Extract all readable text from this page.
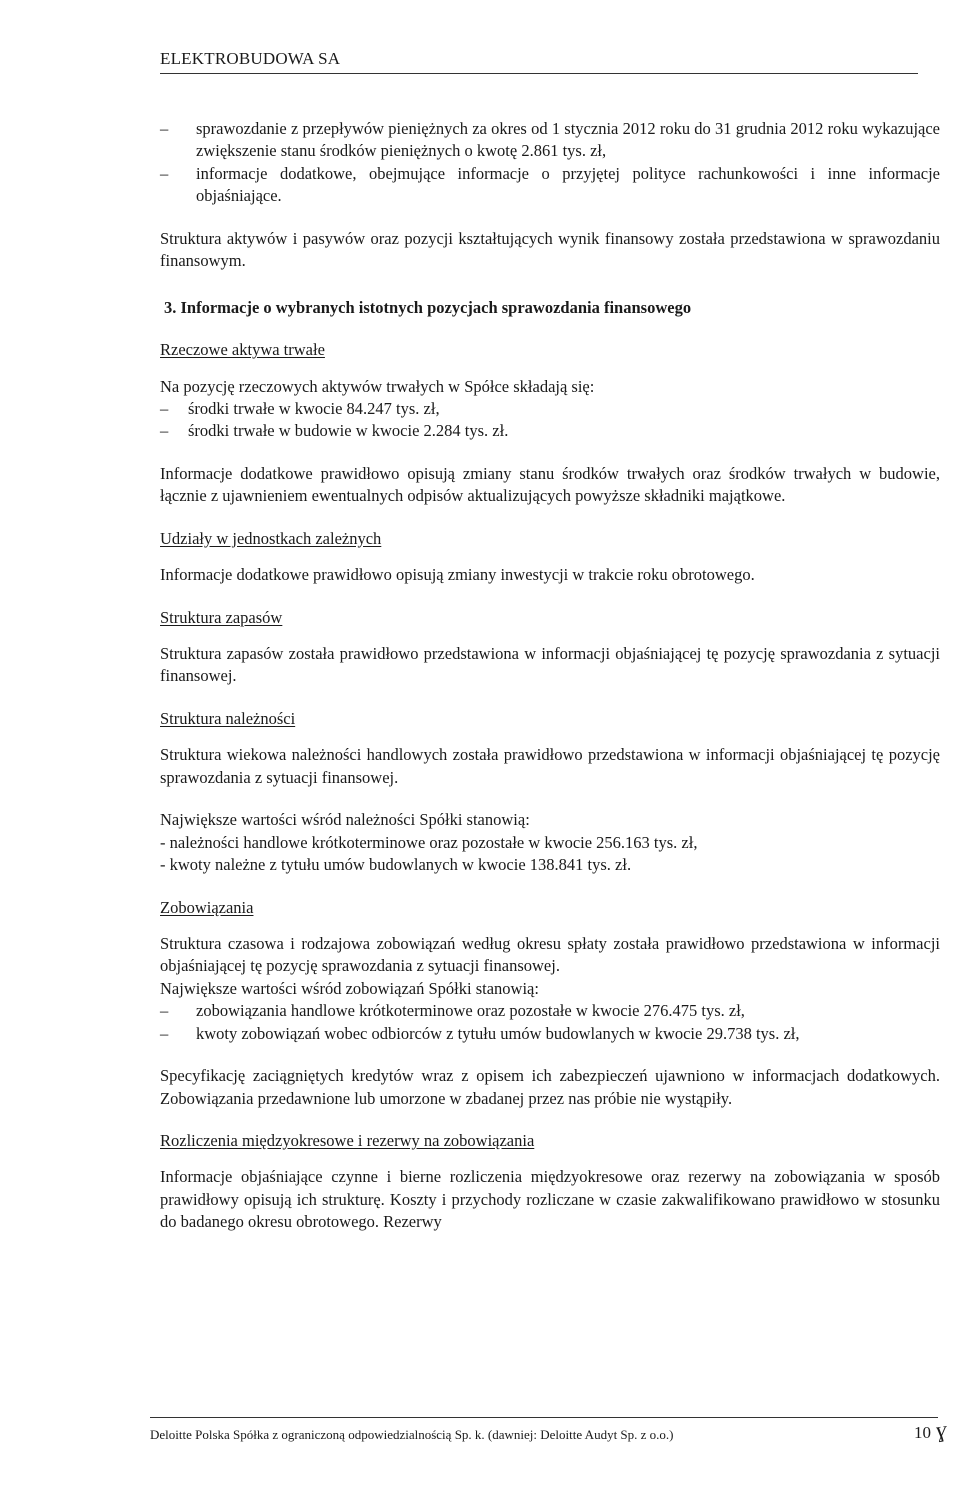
ELEKTROBUDOWA SA
– sprawozdanie z przepływów pieniężnych za okres od 1 stycznia 2012 roku do 31 grudnia 2012 roku wykazujące zwiększenie stanu środków pieniężnych o kwotę 2.861 tys. zł,
– informacje dodatkowe, obejmujące informacje o przyjętej polityce rachunkowości i inne informacje objaśniające.

Struktura aktywów i pasywów oraz pozycji kształtujących wynik finansowy została przedstawiona w sprawozdaniu finansowym.

3. Informacje o wybranych istotnych pozycjach sprawozdania finansowego

Rzeczowe aktywa trwałe

Na pozycję rzeczowych aktywów trwałych w Spółce składają się:

– środki trwałe w kwocie 84.247 tys. zł,
– środki trwałe w budowie w kwocie 2.284 tys. zł.

Informacje dodatkowe prawidłowo opisują zmiany stanu środków trwałych oraz środków trwałych w budowie, łącznie z ujawnieniem ewentualnych odpisów aktualizujących powyższe składniki majątkowe.

Udziały w jednostkach zależnych

Informacje dodatkowe prawidłowo opisują zmiany inwestycji w trakcie roku obrotowego.

Struktura zapasów

Struktura zapasów została prawidłowo przedstawiona w informacji objaśniającej tę pozycję sprawozdania z sytuacji finansowej.

Struktura należności

Struktura wiekowa należności handlowych została prawidłowo przedstawiona w informacji objaśniającej tę pozycję sprawozdania z sytuacji finansowej.

Największe wartości wśród należności Spółki stanowią:

- należności handlowe krótkoterminowe oraz pozostałe w kwocie 256.163 tys. zł,
- kwoty należne z tytułu umów budowlanych w kwocie 138.841 tys. zł.

Zobowiązania

Struktura czasowa i rodzajowa zobowiązań według okresu spłaty została prawidłowo przedstawiona w informacji objaśniającej tę pozycję sprawozdania z sytuacji finansowej.

Największe wartości wśród zobowiązań Spółki stanowią:

– zobowiązania handlowe krótkoterminowe oraz pozostałe w kwocie 276.475 tys. zł,
– kwoty zobowiązań wobec odbiorców z tytułu umów budowlanych w kwocie 29.738 tys. zł,

Specyfikację zaciągniętych kredytów wraz z opisem ich zabezpieczeń ujawniono w informacjach dodatkowych. Zobowiązania przedawnione lub umorzone w zbadanej przez nas próbie nie wystąpiły.

Rozliczenia międzyokresowe i rezerwy na zobowiązania

Informacje objaśniające czynne i bierne rozliczenia międzyokresowe oraz rezerwy na zobowiązania w sposób prawidłowy opisują ich strukturę. Koszty i przychody rozliczane w czasie zakwalifikowano prawidłowo w stosunku do badanego okresu obrotowego. Rezerwy

Deloitte Polska Spółka z ograniczoną odpowiedzialnością Sp. k. (dawniej: Deloitte Audyt Sp. z o.o.)	10 ɣ
